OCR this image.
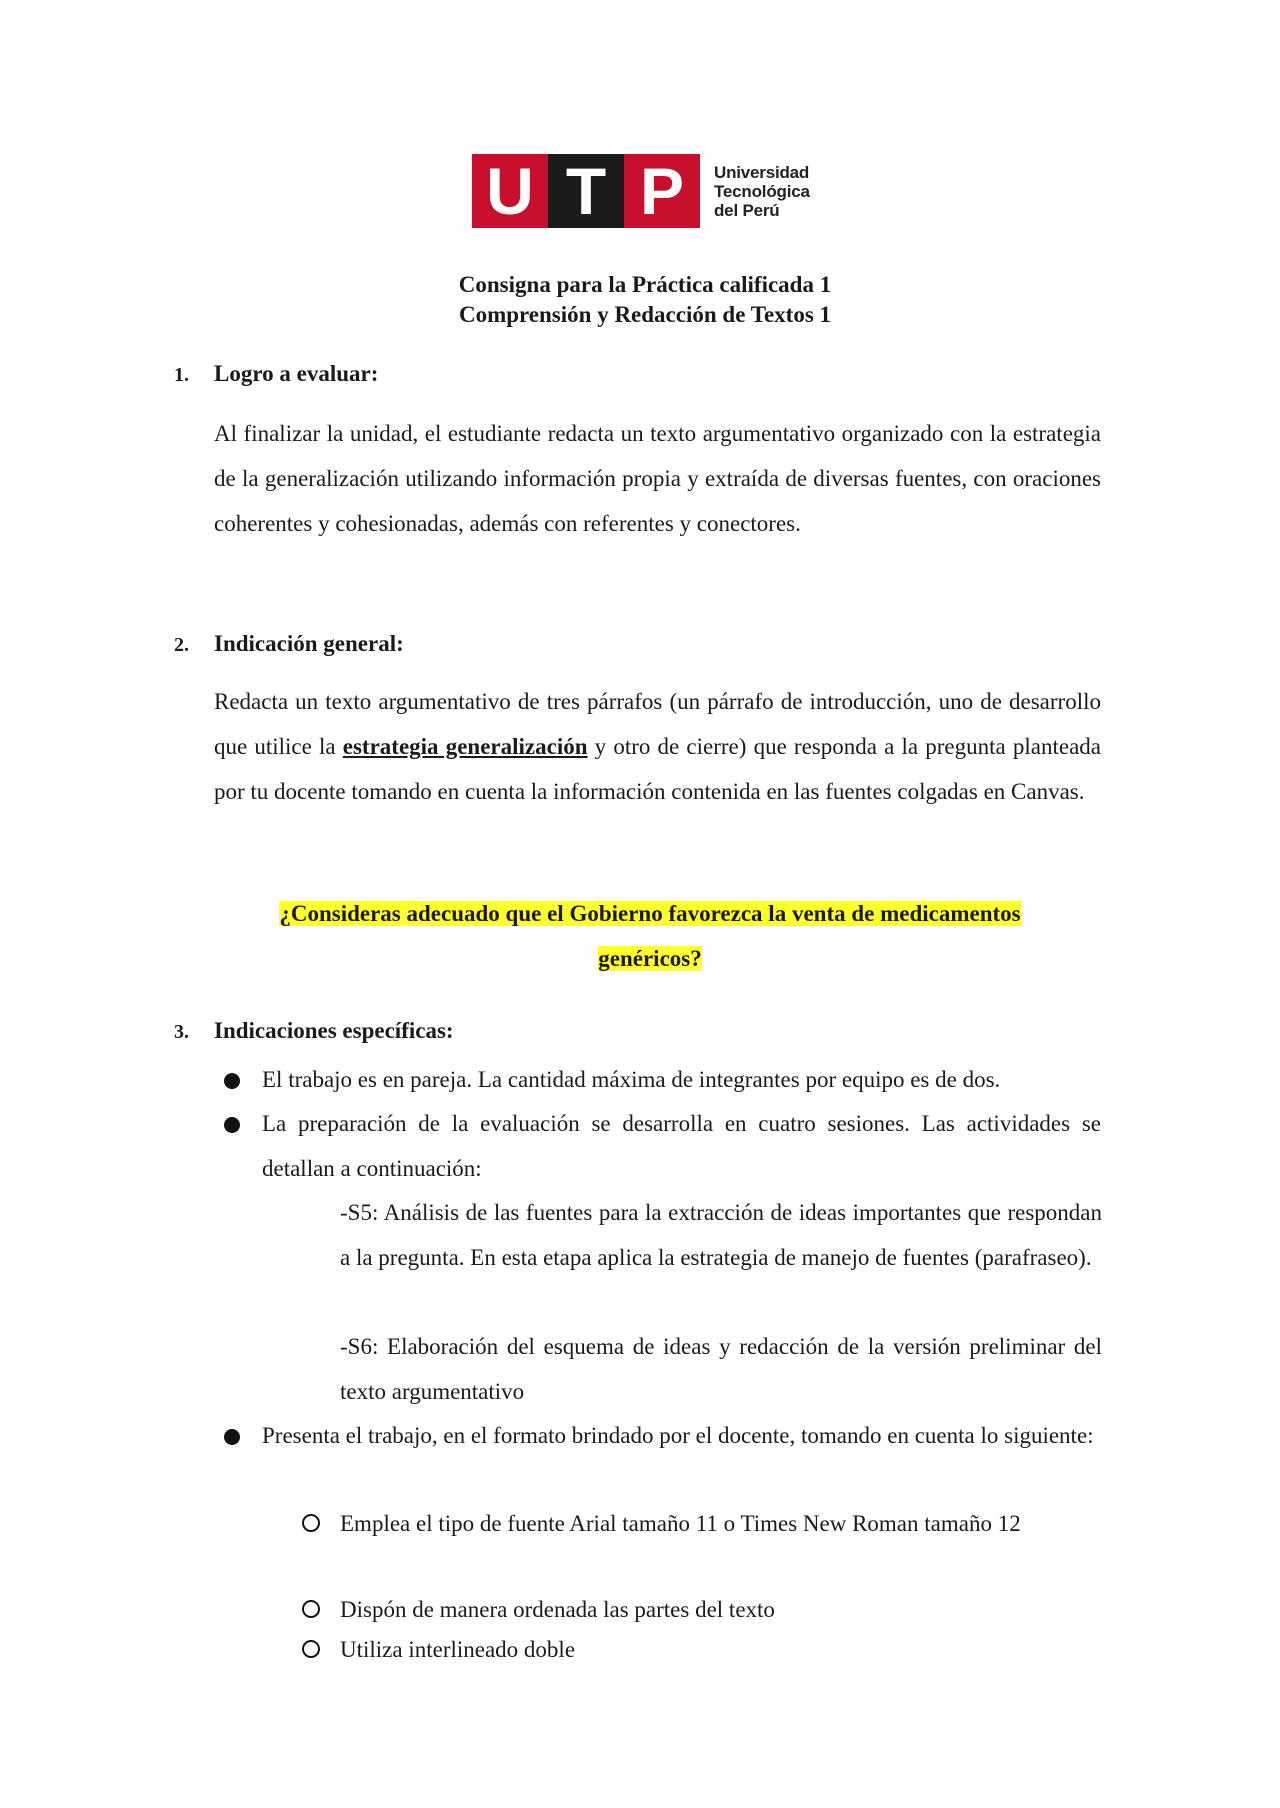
U T P	Universidad
Tecnológica
del Perú
Consigna para la Práctica calificada 1
Comprensión y Redacción de Textos 1
1. Logro a evaluar:
Al finalizar la unidad, el estudiante redacta un texto argumentativo organizado con la estrategia de la generalización utilizando información propia y extraída de diversas fuentes, con oraciones coherentes y cohesionadas, además con referentes y conectores.
2. Indicación general:
Redacta un texto argumentativo de tres párrafos (un párrafo de introducción, uno de desarrollo que utilice la estrategia generalización y otro de cierre) que responda a la pregunta planteada por tu docente tomando en cuenta la información contenida en las fuentes colgadas en Canvas.
¿Consideras adecuado que el Gobierno favorezca la venta de medicamentos
genéricos?
3. Indicaciones específicas:
El trabajo es en pareja. La cantidad máxima de integrantes por equipo es de dos.
La preparación de la evaluación se desarrolla en cuatro sesiones. Las actividades se detallan a continuación:
-S5: Análisis de las fuentes para la extracción de ideas importantes que respondan a la pregunta. En esta etapa aplica la estrategia de manejo de fuentes (parafraseo).
-S6: Elaboración del esquema de ideas y redacción de la versión preliminar del texto argumentativo
Presenta el trabajo, en el formato brindado por el docente, tomando en cuenta lo siguiente:
Emplea el tipo de fuente Arial tamaño 11 o Times New Roman tamaño 12
Dispón de manera ordenada las partes del texto
Utiliza interlineado doble
